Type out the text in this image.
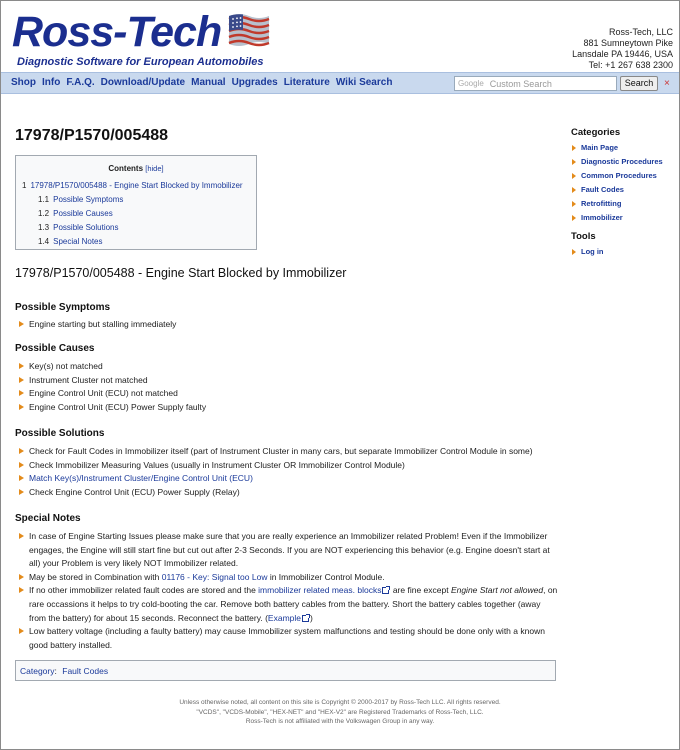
Ross-Tech
Diagnostic Software for European Automobiles
Ross-Tech, LLC
881 Sumneytown Pike
Lansdale PA 19446, USA
Tel: +1 267 638 2300
Shop Info F.A.Q. Download/Update Manual Upgrades Literature Wiki Search	Google Custom Search	Search	×
17978/P1570/005488
Contents [hide]
1 17978/P1570/005488 - Engine Start Blocked by Immobilizer
1.1 Possible Symptoms
1.2 Possible Causes
1.3 Possible Solutions
1.4 Special Notes
17978/P1570/005488 - Engine Start Blocked by Immobilizer
Possible Symptoms
Engine starting but stalling immediately
Possible Causes
Key(s) not matched
Instrument Cluster not matched
Engine Control Unit (ECU) not matched
Engine Control Unit (ECU) Power Supply faulty
Possible Solutions
Check for Fault Codes in Immobilizer itself (part of Instrument Cluster in many cars, but separate Immobilizer Control Module in some)
Check Immobilizer Measuring Values (usually in Instrument Cluster OR Immobilizer Control Module)
Match Key(s)/Instrument Cluster/Engine Control Unit (ECU)
Check Engine Control Unit (ECU) Power Supply (Relay)
Special Notes
In case of Engine Starting Issues please make sure that you are really experience an Immobilizer related Problem! Even if the Immobilizer engages, the Engine will still start fine but cut out after 2-3 Seconds. If you are NOT experiencing this behavior (e.g. Engine doesn't start at all) your Problem is very likely NOT Immobilizer related.
May be stored in Combination with 01176 - Key: Signal too Low in Immobilizer Control Module.
If no other immobilizer related fault codes are stored and the immobilizer related meas. blocks are fine except Engine Start not allowed, on rare occassions it helps to try cold-booting the car. Remove both battery cables from the battery. Short the battery cables together (away from the battery) for about 15 seconds. Reconnect the battery. (Example )
Low battery voltage (including a faulty battery) may cause Immobilizer system malfunctions and testing should be done only with a known good battery installed.
Category: Fault Codes
Unless otherwise noted, all content on this site is Copyright © 2000-2017 by Ross-Tech LLC. All rights reserved.
"VCDS", "VCDS-Mobile", "HEX-NET" and "HEX-V2" are Registered Trademarks of Ross-Tech, LLC.
Ross-Tech is not affiliated with the Volkswagen Group in any way.
Categories
Main Page
Diagnostic Procedures
Common Procedures
Fault Codes
Retrofitting
Immobilizer
Tools
Log in
